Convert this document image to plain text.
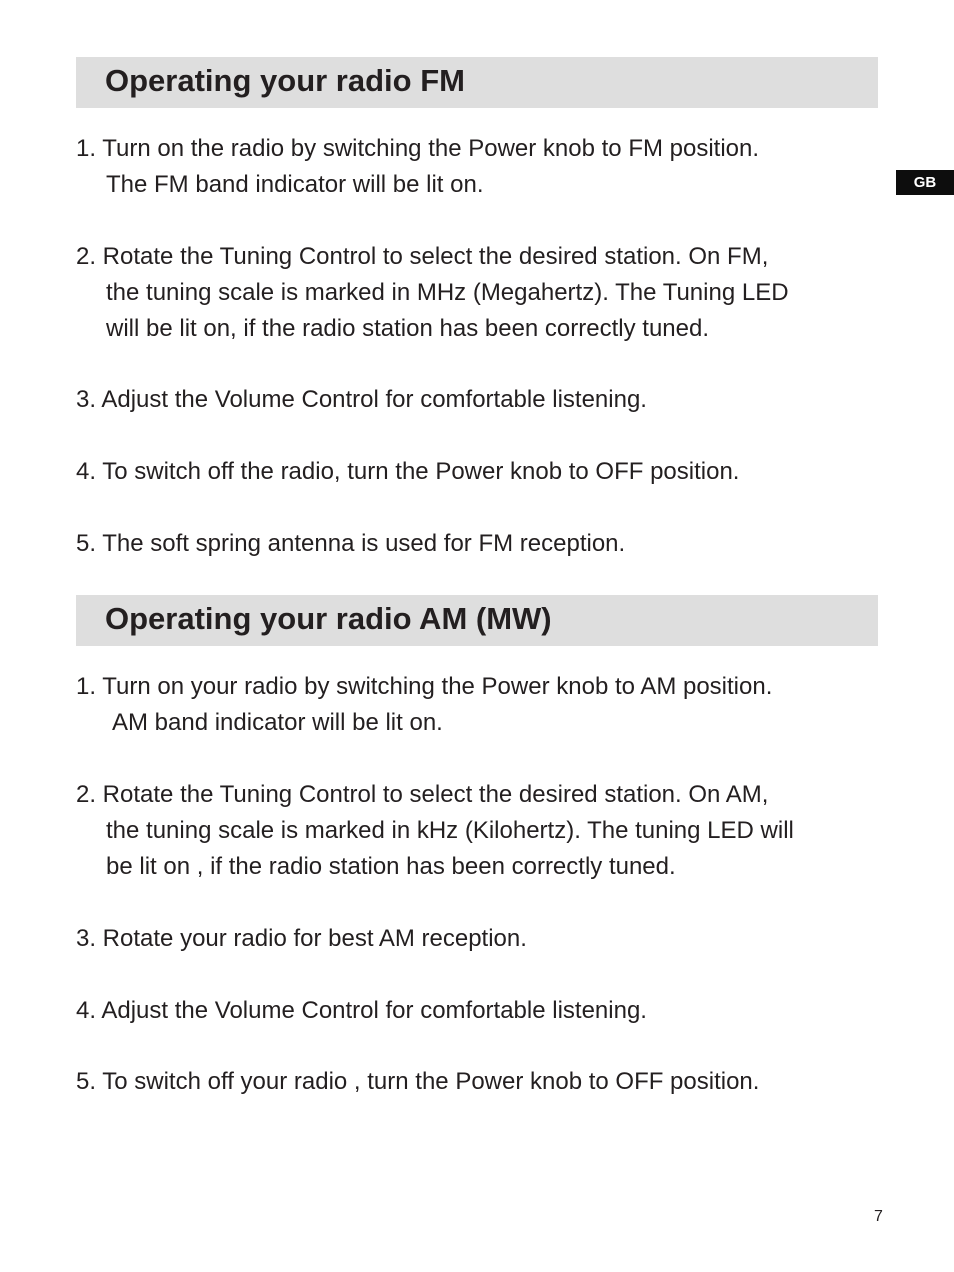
Operating your radio FM
1. Turn on the radio by switching the Power knob to FM position.
The FM band indicator will be lit on.
2. Rotate the Tuning Control to select the desired station. On FM,
the tuning scale is marked in MHz (Megahertz). The Tuning LED
will be lit on, if the radio station has been correctly tuned.
3. Adjust the Volume Control for comfortable listening.
4. To switch off the radio, turn the Power knob to OFF position.
5. The soft spring antenna is used for FM reception.
Operating your radio AM (MW)
1. Turn on your radio by switching the Power knob to AM position.
AM band indicator will be lit on.
2. Rotate the Tuning Control to select the desired station. On AM,
the tuning scale is marked in kHz (Kilohertz). The tuning LED will
be lit on , if the radio station has been correctly tuned.
3. Rotate your radio for best AM reception.
4. Adjust the Volume Control for comfortable listening.
5. To switch off your radio , turn the Power knob to OFF position.
GB
7
